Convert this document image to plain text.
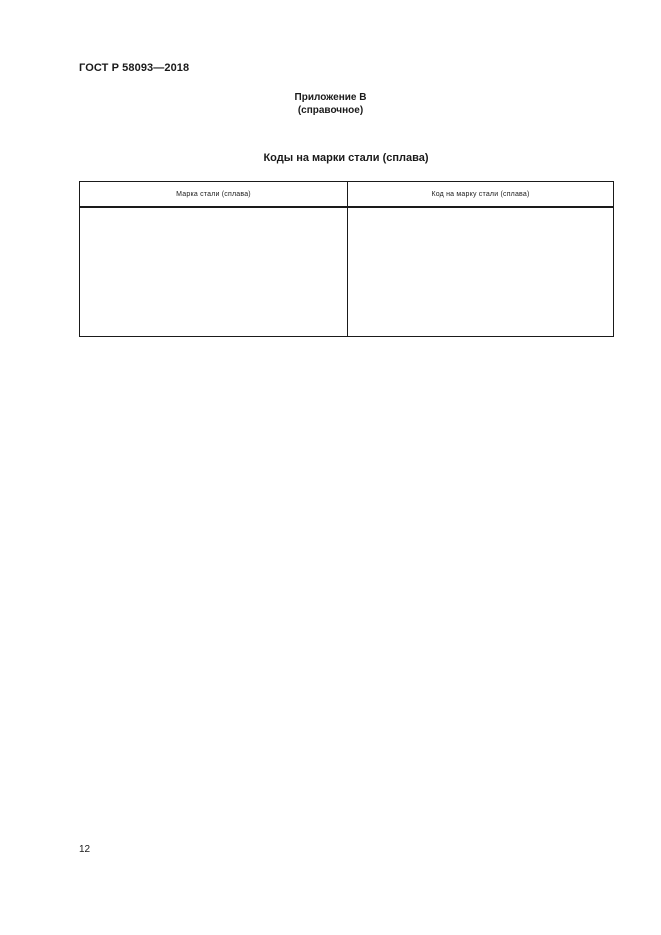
ГОСТ Р 58093—2018
Приложение В
(справочное)
Коды на марки стали (сплава)
Марка стали (сплава)	Код на марку стали (сплава)

12
